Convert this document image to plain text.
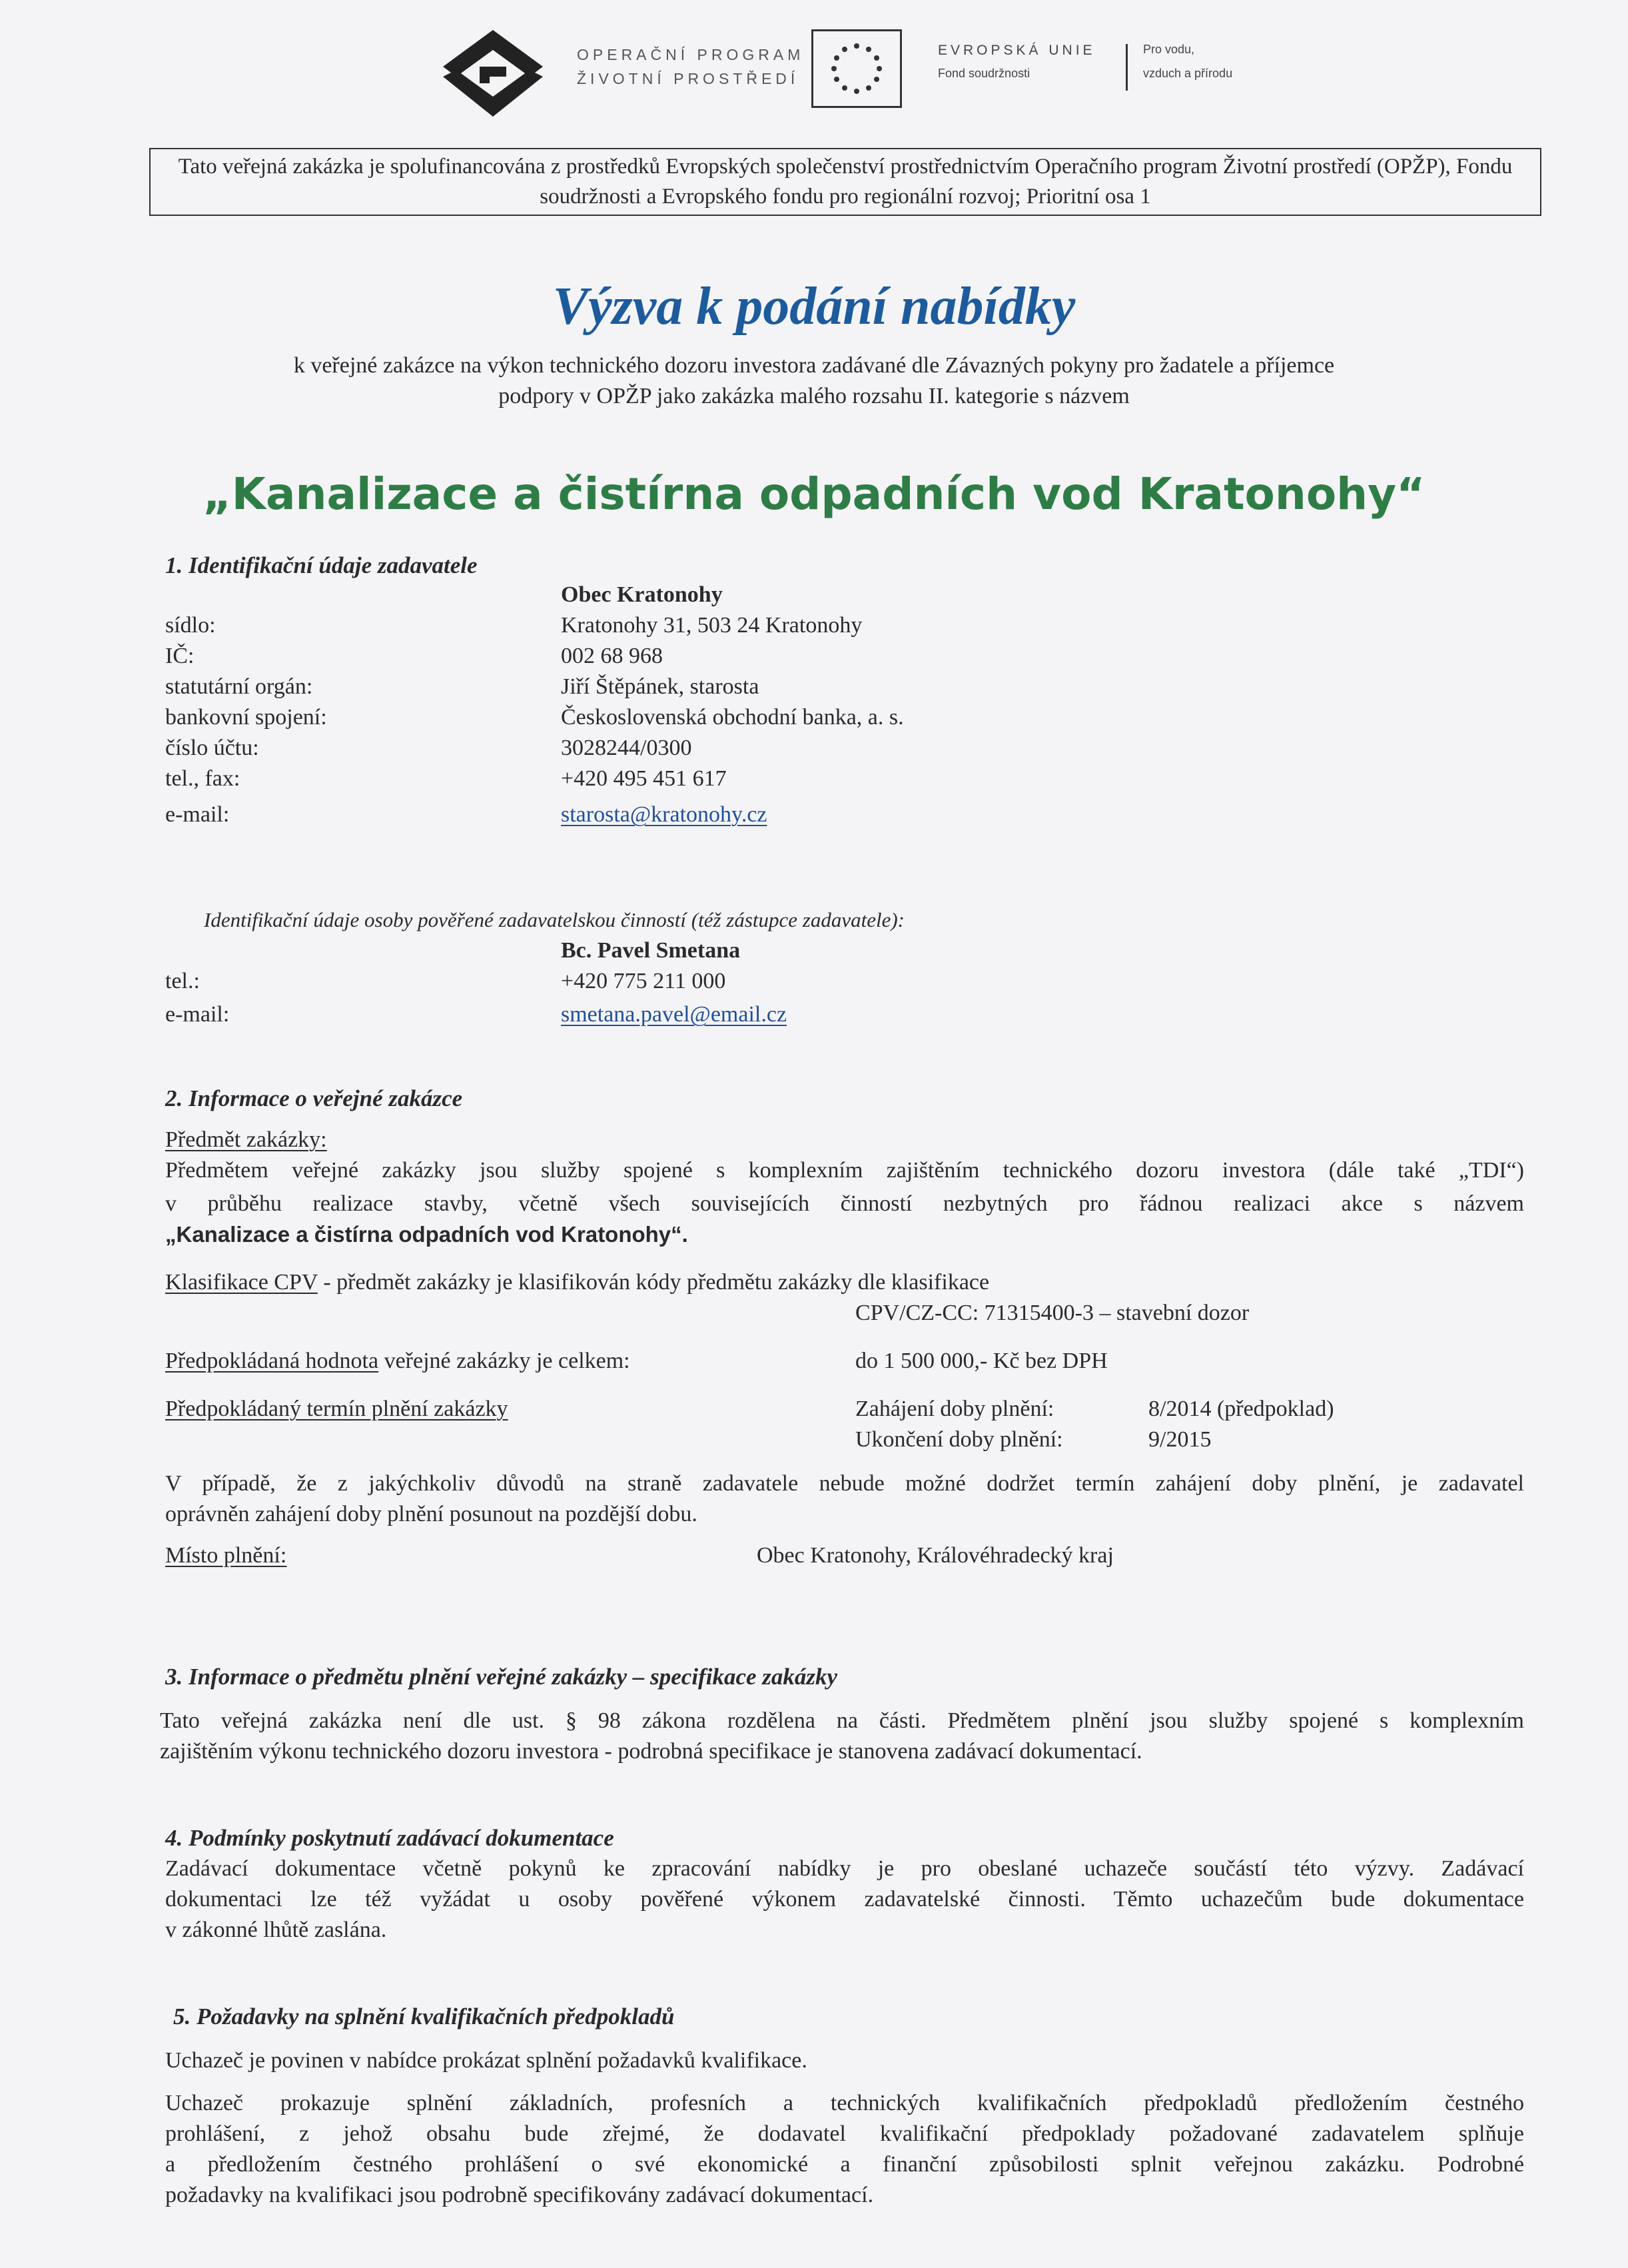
OPERAČNÍ PROGRAM
ŽIVOTNÍ PROSTŘEDÍ
EVROPSKÁ UNIE
Fond soudržnosti
Pro vodu,
vzduch a přírodu
Tato veřejná zakázka je spolufinancována z prostředků Evropských společenství prostřednictvím Operačního program Životní prostředí (OPŽP), Fondu soudržnosti a Evropského fondu pro regionální rozvoj; Prioritní osa 1
Výzva k podání nabídky
k veřejné zakázce na výkon technického dozoru investora zadávané dle Závazných pokyny pro žadatele a příjemce
podpory v OPŽP jako zakázka malého rozsahu II. kategorie s názvem
„Kanalizace a čistírna odpadních vod Kratonohy“
1. Identifikační údaje zadavatele
Obec Kratonohy
sídlo:	Kratonohy 31, 503 24 Kratonohy
IČ:	002 68 968
statutární orgán:	Jiří Štěpánek, starosta
bankovní spojení:	Československá obchodní banka, a. s.
číslo účtu:	3028244/0300
tel., fax:	+420 495 451 617
e-mail:	starosta@kratonohy.cz
Identifikační údaje osoby pověřené zadavatelskou činností (též zástupce zadavatele):
Bc. Pavel Smetana
tel.:	+420 775 211 000
e-mail:	smetana.pavel@email.cz
2. Informace o veřejné zakázce
Předmět zakázky:
Předmětem veřejné zakázky jsou služby spojené s komplexním zajištěním technického dozoru investora (dále také „TDI“)
v průběhu realizace stavby, včetně všech souvisejících činností nezbytných pro řádnou realizaci akce s názvem
„Kanalizace a čistírna odpadních vod Kratonohy“.
Klasifikace CPV - předmět zakázky je klasifikován kódy předmětu zakázky dle klasifikace
CPV/CZ-CC: 71315400-3 – stavební dozor
Předpokládaná hodnota veřejné zakázky je celkem:	do 1 500 000,- Kč bez DPH
Předpokládaný termín plnění zakázky	Zahájení doby plnění:	8/2014 (předpoklad)
Ukončení doby plnění:	9/2015
V případě, že z jakýchkoliv důvodů na straně zadavatele nebude možné dodržet termín zahájení doby plnění, je zadavatel
oprávněn zahájení doby plnění posunout na pozdější dobu.
Místo plnění:	Obec Kratonohy, Královéhradecký kraj
3. Informace o předmětu plnění veřejné zakázky – specifikace zakázky
Tato veřejná zakázka není dle ust. § 98 zákona rozdělena na části. Předmětem plnění jsou služby spojené s komplexním
zajištěním výkonu technického dozoru investora - podrobná specifikace je stanovena zadávací dokumentací.
4. Podmínky poskytnutí zadávací dokumentace
Zadávací dokumentace včetně pokynů ke zpracování nabídky je pro obeslané uchazeče součástí této výzvy. Zadávací
dokumentaci lze též vyžádat u osoby pověřené výkonem zadavatelské činnosti. Těmto uchazečům bude dokumentace
v zákonné lhůtě zaslána.
5. Požadavky na splnění kvalifikačních předpokladů
Uchazeč je povinen v nabídce prokázat splnění požadavků kvalifikace.
Uchazeč prokazuje splnění základních, profesních a technických kvalifikačních předpokladů předložením čestného
prohlášení, z jehož obsahu bude zřejmé, že dodavatel kvalifikační předpoklady požadované zadavatelem splňuje
a předložením čestného prohlášení o své ekonomické a finanční způsobilosti splnit veřejnou zakázku. Podrobné
požadavky na kvalifikaci jsou podrobně specifikovány zadávací dokumentací.
